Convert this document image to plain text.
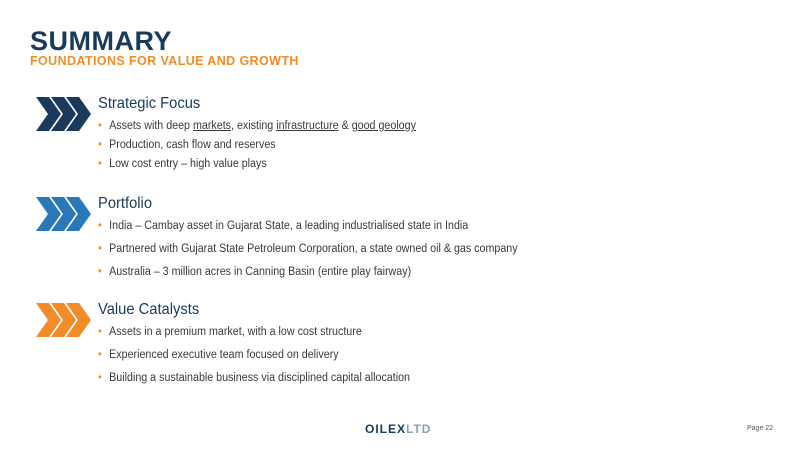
SUMMARY
FOUNDATIONS FOR VALUE AND GROWTH
Strategic Focus
• Assets with deep markets, existing infrastructure & good geology
• Production, cash flow and reserves
• Low cost entry – high value plays
Portfolio
• India – Cambay asset in Gujarat State, a leading industrialised state in India
• Partnered with Gujarat State Petroleum Corporation, a state owned oil & gas company
• Australia – 3 million acres in Canning Basin (entire play fairway)
Value Catalysts
• Assets in a premium market, with a low cost structure
• Experienced executive team focused on delivery
• Building a sustainable business via disciplined capital allocation
OILEXLTD	Page 22
